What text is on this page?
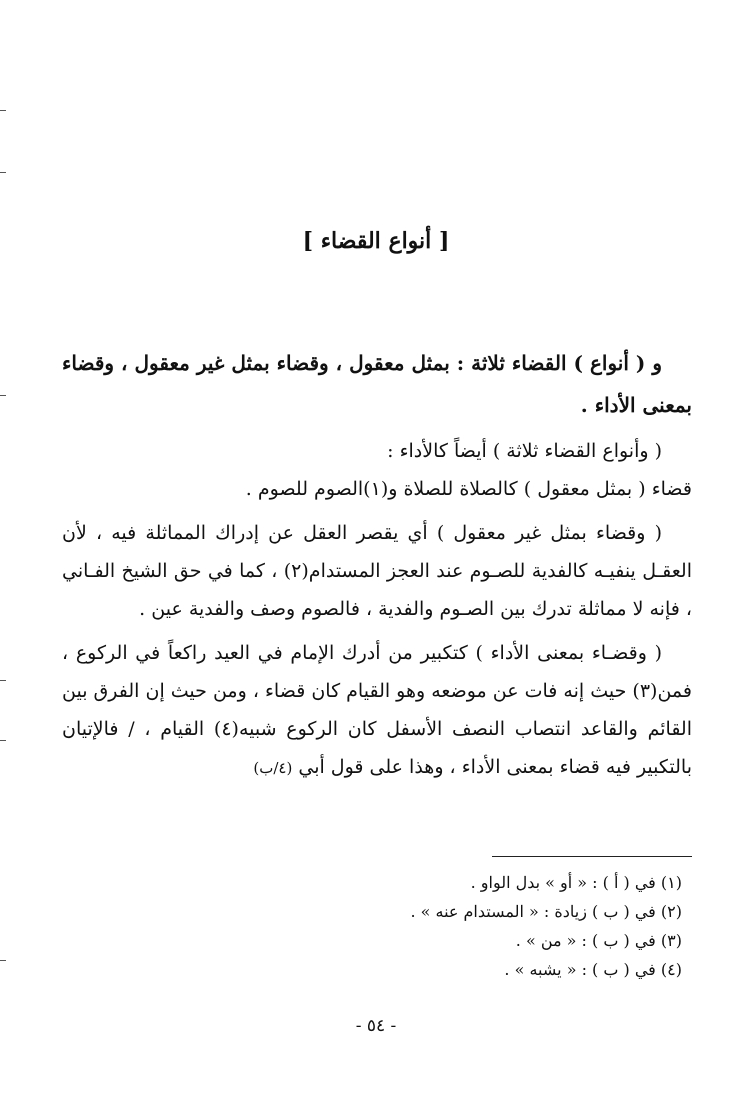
[ أنواع القضاء ]

و ( أنواع ) القضاء ثلاثة : بمثل معقول ، وقضاء بمثل غير معقول ، وقضاء بمعنى الأداء .

( وأنواع القضاء ثلاثة ) أيضاً كالأداء :

قضاء ( بمثل معقول ) كالصلاة للصلاة و(١)الصوم للصوم .

( وقضاء بمثل غير معقول ) أي يقصر العقل عن إدراك المماثلة فيه ، لأن العقـل ينفيـه كالفدية للصـوم عند العجز المستدام(٢) ، كما في حق الشيخ الفـاني ، فإنه لا مماثلة تدرك بين الصـوم والفدية ، فالصوم وصف والفدية عين .

( وقضـاء بمعنى الأداء ) كتكبير من أدرك الإمام في العيد راكعاً في الركوع ، فمن(٣) حيث إنه فات عن موضعه وهو القيام كان قضاء ، ومن حيث إن الفرق بين القائم والقاعد انتصاب النصف الأسفل كان الركوع شبيه(٤) القيام ، / فالإتيان بالتكبير فيه قضاء بمعنى الأداء ، وهذا على قول أبي (٤/ب)

(١) في ( أ ) : « أو » بدل الواو .
(٢) في ( ب ) زيادة : « المستدام عنه » .
(٣) في ( ب ) : « من » .
(٤) في ( ب ) : « يشبه » .
- ٥٤ -
